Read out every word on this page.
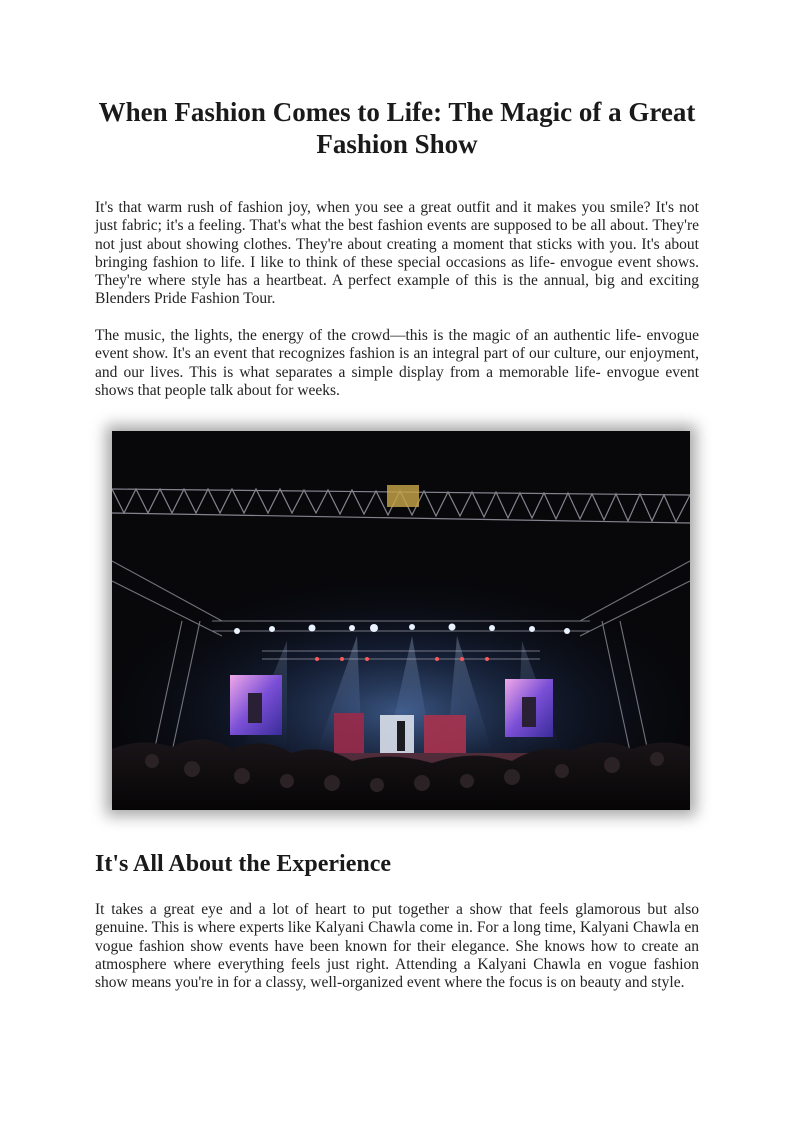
When Fashion Comes to Life: The Magic of a Great Fashion Show

It's that warm rush of fashion joy, when you see a great outfit and it makes you smile? It's not just fabric; it's a feeling. That's what the best fashion events are supposed to be all about. They're not just about showing clothes. They're about creating a moment that sticks with you. It's about bringing fashion to life. I like to think of these special occasions as life- envogue event shows. They're where style has a heartbeat. A perfect example of this is the annual, big and exciting Blenders Pride Fashion Tour.

The music, the lights, the energy of the crowd—this is the magic of an authentic life- envogue event show. It's an event that recognizes fashion is an integral part of our culture, our enjoyment, and our lives. This is what separates a simple display from a memorable life- envogue event shows that people talk about for weeks.

It's All About the Experience

It takes a great eye and a lot of heart to put together a show that feels glamorous but also genuine. This is where experts like Kalyani Chawla come in. For a long time, Kalyani Chawla en vogue fashion show events have been known for their elegance. She knows how to create an atmosphere where everything feels just right. Attending a Kalyani Chawla en vogue fashion show means you're in for a classy, well-organized event where the focus is on beauty and style.
